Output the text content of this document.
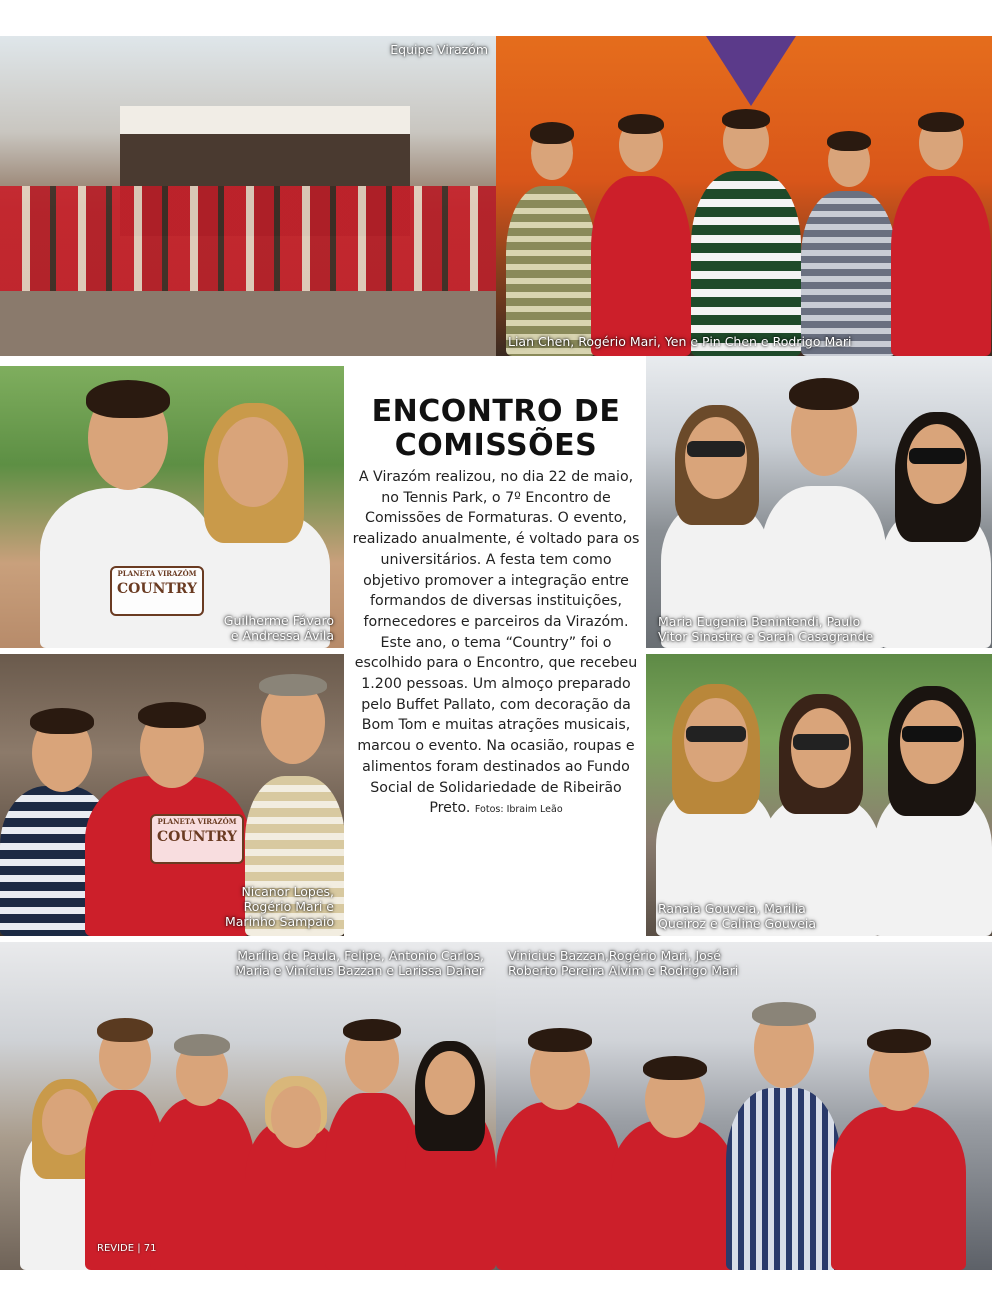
Equipe Virazóm
Lian Chen, Rogério Mari, Yen e Pin Chen e Rodrigo Mari
PLANETA VIRAZÓM
COUNTRY
Guilherme Fávaro
e Andressa Ávila
Maria Eugenia Benintendi, Paulo
Vitor Sinastre e Sarah Casagrande
PLANETA VIRAZÓM
COUNTRY
Nicanor Lopes,
Rogério Mari e
Marinho Sampaio
Ranaia Gouveia, Marilia
Queiroz e Caline Gouveia
Marília de Paula, Felipe, Antonio Carlos,
Maria e Vinícius Bazzan e Larissa Daher
Vinicius Bazzan,Rogério Mari, José
Roberto Pereira Alvim e Rodrigo Mari
ENCONTRO DE
COMISSÕES

A Virazóm realizou, no dia 22 de maio, no Tennis Park, o 7º Encontro de Comissões de Formaturas. O evento, realizado anualmente, é voltado para os universitários. A festa tem como objetivo promover a integração entre formandos de diversas instituições, fornecedores e parceiros da Virazóm. Este ano, o tema “Country” foi o escolhido para o Encontro, que recebeu 1.200 pessoas. Um almoço preparado pelo Buffet Pallato, com decoração da Bom Tom e muitas atrações musicais, marcou o evento. Na ocasião, roupas e alimentos foram destinados ao Fundo Social de Solidariedade de Ribeirão Preto. Fotos: Ibraim Leão

REVIDE | 71
